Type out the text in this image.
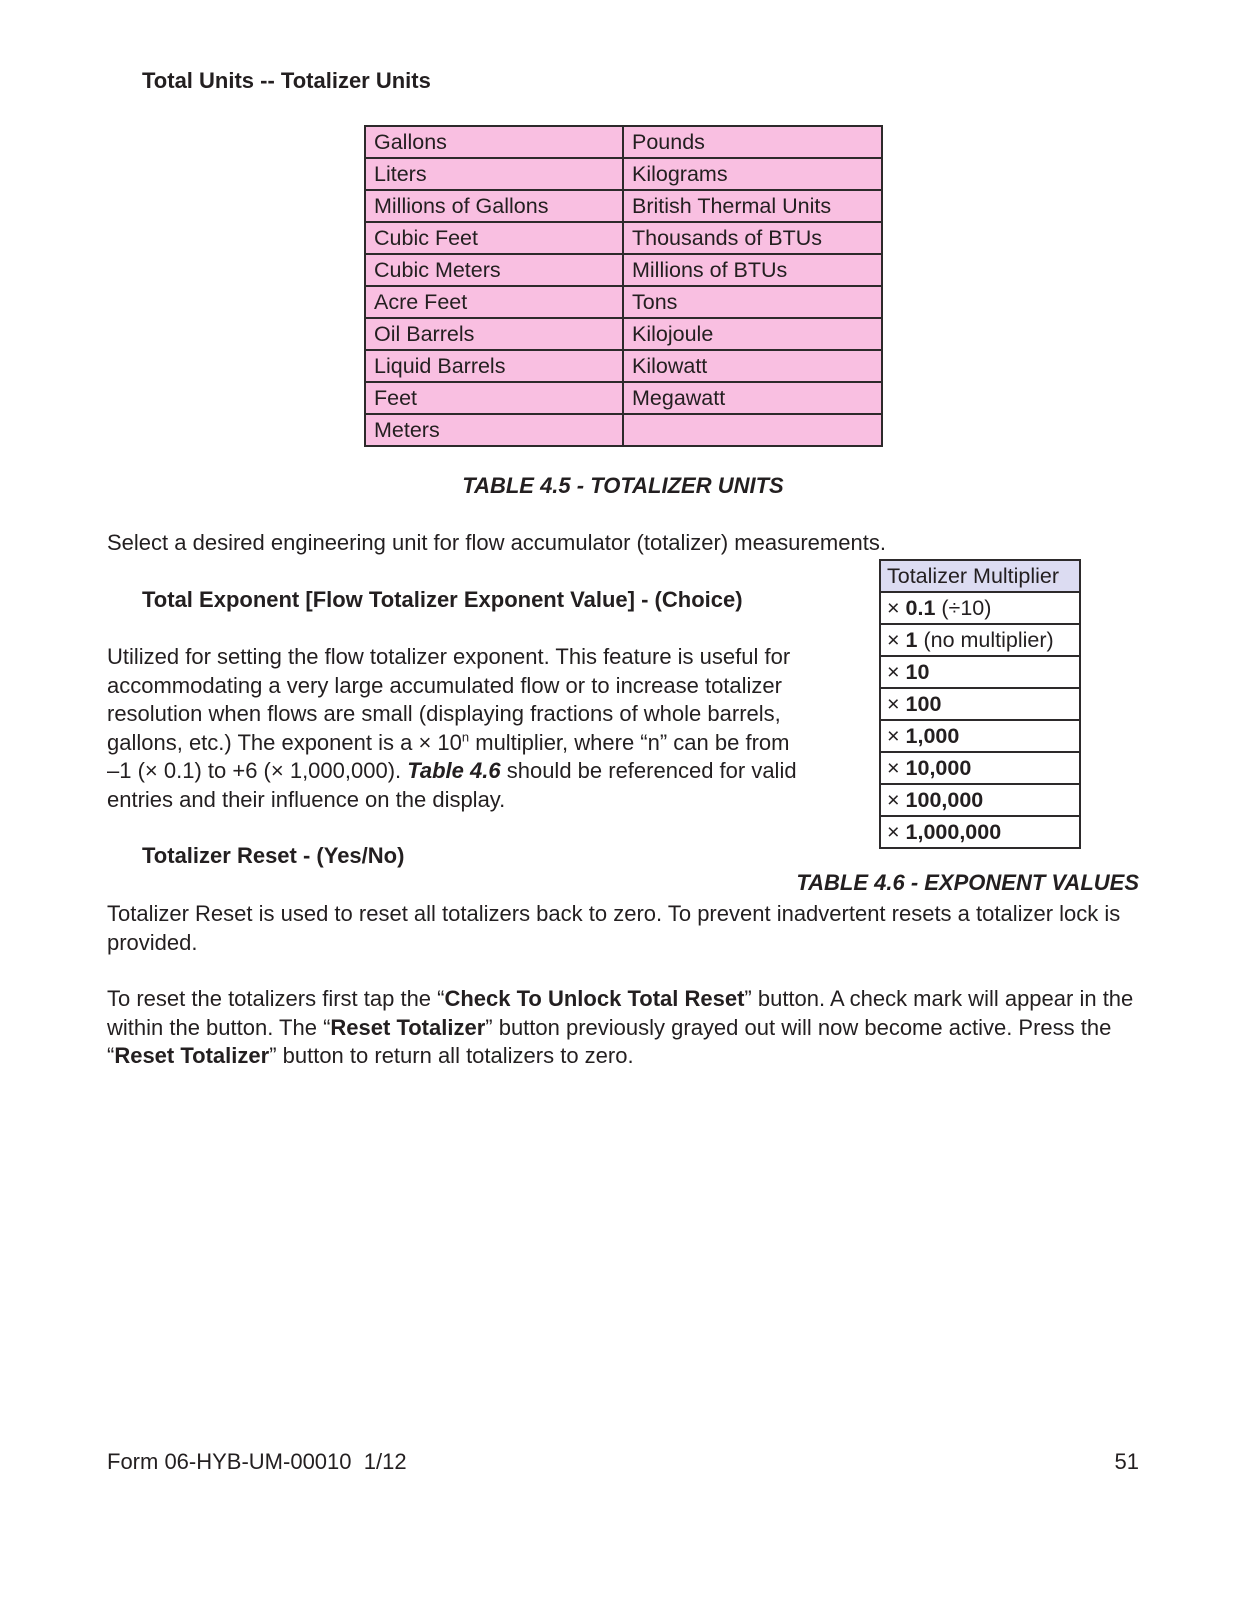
Total Units -- Totalizer Units
Gallons	Pounds
Liters	Kilograms
Millions of Gallons	British Thermal Units
Cubic Feet	Thousands of BTUs
Cubic Meters	Millions of BTUs
Acre Feet	Tons
Oil Barrels	Kilojoule
Liquid Barrels	Kilowatt
Feet	Megawatt
Meters	
TABLE 4.5 - TOTALIZER UNITS
Select a desired engineering unit for flow accumulator (totalizer) measurements.
Total Exponent [Flow Totalizer Exponent Value] - (Choice)
Utilized for setting the flow totalizer exponent. This feature is useful for
accommodating a very large accumulated flow or to increase totalizer
resolution when flows are small (displaying fractions of whole barrels,
gallons, etc.) The exponent is $a \times 10^n$ multiplier, where “n” can be from
–1 (× 0.1) to +6 (× 1,000,000). Table 4.6 should be referenced for valid
entries and their influence on the display.
Totalizer Multiplier
× 0.1 (÷10)
× 1 (no multiplier)
× 10
× 100
× 1,000
× 10,000
× 100,000
× 1,000,000
TABLE 4.6 - EXPONENT VALUES
Totalizer Reset - (Yes/No)
Totalizer Reset is used to reset all totalizers back to zero. To prevent inadvertent resets a totalizer lock is
provided.
To reset the totalizers first tap the “Check To Unlock Total Reset” button. A check mark will appear in the
within the button. The “Reset Totalizer” button previously grayed out will now become active. Press the
“Reset Totalizer” button to return all totalizers to zero.
Form 06-HYB-UM-00010  1/12	51
